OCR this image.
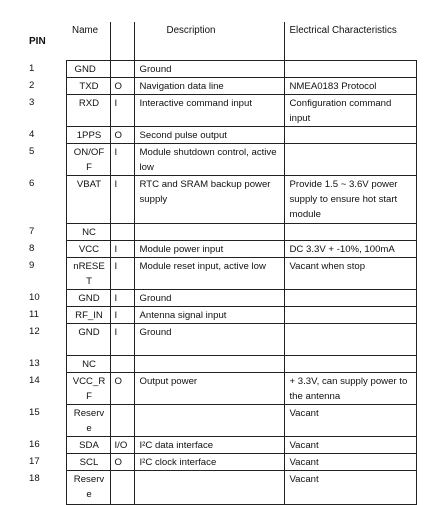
PIN	Name		Description	Electrical Characteristics
1	GND		Ground	
2	TXD	O	Navigation data line	NMEA0183 Protocol
3	RXD	I	Interactive command input	Configuration command input
4	1PPS	O	Second pulse output	
5	ON/OFF	I	Module shutdown control, active low	
6	VBAT	I	RTC and SRAM backup power supply	Provide 1.5 ~ 3.6V power supply to ensure hot start module
7	NC			
8	VCC	I	Module power input	DC 3.3V + -10%, 100mA
9	nRESET	I	Module reset input, active low	Vacant when stop
10	GND	I	Ground	
11	RF_IN	I	Antenna signal input	
12	GND	I	Ground	
13	NC			
14	VCC_RF	O	Output power	+ 3.3V, can supply power to the antenna
15	Reserve			Vacant
16	SDA	I/O	I²C data interface	Vacant
17	SCL	O	I²C clock interface	Vacant
18	Reserve			Vacant
